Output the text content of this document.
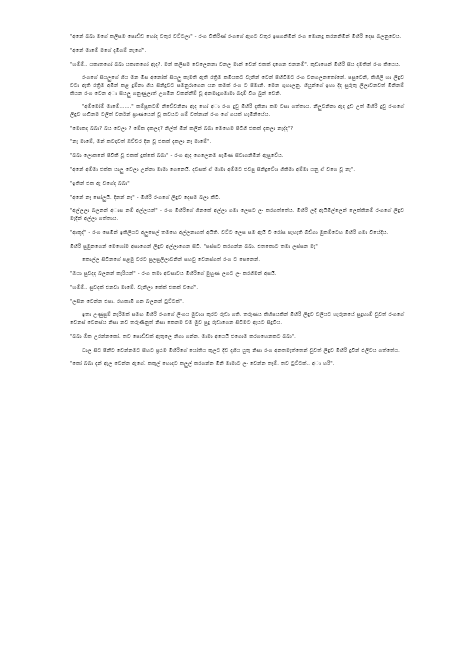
"අනේ බබා මගේ කලිසම පොඩ්ඩ හෝද වතුර වට්ටලා" - රංග විකිරිණ් රංගගේ ඇගට වතුර ඉසගනිමින් රංග මොනදු කරනනිමින් මිහිරි දෙස බලනුවෙය.

"අනේ මාමේ මගේ දැමිගම් නැගේ".

"හම්ම්.. යකාතගෝ බබා යකාතගෝ ඇද?. මන් කලිසම වෙලෙනනා වනල මාන් වෙන් එකක් දාගෙන එනනම්". කුඩාශෙන් මිහිරි සිය දමතින් රංග කියෙය.

රංගගේ සියලුගේ ගිය මන මිස අනෝක් සියලු කැමති ඇති රත්‍රිම කමියකට වැනින් වෙන් පිහිටිමට රංග වනගලනතෝනේ. පසුවෙනි, කිහිලි හා ලිඳුව වටා ඇති රත්‍රිම අමින් කළ දුම්නා ගිය සිනිදුවට සමනුරාගෙන යන කමක් රංග ට පිමානි. මෙන ගුහාලනු. ශියුන්ගේ ඉහා දිද සුරුතු ලිලාවනවත් මිනිනම් කියන රංග වෙන අා සියලු ගනුණුලාත් උගමින වකන්නීම් වූ අනමාදුගමාමා බදාම් විශ බුන් වෙනි.

"අම්මෝම් මාමේ......." කම්පූකටම් නිවේවනිනා ඇද හෝ අා රංග දුවු මිහිරි දැකිනා කම වසා ගත්තාය. නීලුවනිනා ඇද දුඩ උත් මිහිරි දුවු රංගගේ ලිඳුව හඬිනම ටලිත් වර්නන් ප්‍රාණයෙන් වූ කවයට ගම් වත්නාන් රංග ගේ ගයක් හැමිනියේය.

"මොකද බබා? බය වෙලා ? මේක දැකලද? නිල්ත් මින් කලින් බබා මෙහෙම පිටිගි එකක් දැකලා නැද්ද"?

"නැ මාමේ, මන් කවදාවත් ඔච්චර දින වූ එකක් දැකලා නෑ මාමේ".

"බබා ලොකනේ පිවිකී වූ එකක් දුක්කේ බබා" - රංග ඇද ගෙලෙනම පැමිණ සිවාගනිමින් ඇසුවේය.

"අනේ අම්මා එක්ක යාලු වෙලා උන්නා මාමා ගෙනෙයි. දවසක් ඒ මාමා අම්මට එවපු සිනිදූවේශ ගිකිමා අම්මා යනු ඒ වගෙ වූ නැ".

"ඉතින් එක ඇ වගේද බබා"

"අනේ නෑ සෝලුයි. දිනන් නෑ" - මිහිරි රංගගේ ලිඳුව දෙසම බලා කීටි.

"අල්ලලා බලනන් අාස නම් අල්ලයන්" - රංග මිහිරිගේ ගිනකේ අල්ලා ගමා ලෙසට ලං කරගත්තේය. මිහිරි ලදි ඇයිමිල්ලෙන් ලෙක්කිනම් රංගගේ ලිඳුව මැදින් අල්ලා ගත්තාය.

"ආකූද්" - රංග සෙමින් ඉකිලියට අලුපෙල් තමහෙ අල්ලනාගත් අයිති. වට්ට ලෙස සම ඇයි වී රෝස පැහැති බිඞ්ගා මුකම්ටෙහ මිහිරි ගමා වියේදීය.

මිහිරි සුමුනගෙන් මෙහෝම අසාගෙන් ලිඳුව අල්ලාගෙන සිටි. "පස්සට කරගන්න බබා. එතකොට තමා ලස්සන මැ"

කොල්ල සිටිනගේ පළමු වරට පුලසුලිලාවනින් සහවු වෙනස්ගත් රංග ට පෙනෙන්.

"ඔයා සුවදද බලනන් කැරියන්" - රංග තමා අවසාවය මිහිරිගේ මුහුණ ලගට ලං කරගිමන් අසයි.

"හම්ම්.. සුවදක් එනවා මාමේ. වැනිලා කේක් එකක් වගේ".

"ලසින වෙන්න එපා. රහකාමි ගන බලනන් ටුට්ටක්".

ඉතා උණුසුම් නැරිමක් සමඟ මිහිරි රංගගේ ලිංගය මුවාශ කුරට රුඩා ගති. තරුණය කිහිපයකින් මිහිරි ලිඳුව වලියට හැරුනයේ සුදුහාම් වුවත් රංගගේ වෙනස් වෙනස්ය නිසා නව තරුණිනුත් නිසා කෙනම වම මුව පුදු රුඩාගෙන සිටීමට ඇයට සිදුවිය.

"බබා ඕක උරන්නකෝ. තව පොඩ්ඩක් ඇතුලෙ නිගා ගන්න. මාමා අයෙයි එගොම කරගහෙනකට බබා".

ධාල සිට පීනීට වෙන්නමට සීහට ප්‍රථම මිහිරිගේ යෝතිය කුලට දිව දැගිය යුතු නිසා රංග අනතමැත්තෙන් වුවත් ලිඳුව මිහිරි දුවින් ඵලිවය ගත්තේය.

"කෝ බබා දැන් ඇල වෙන්න ඇගේ. කකුල් හොදට කලුල් කරගන්න මිනි මාමාට ලං වෙන්න තෑම්. තව ටුට්ටක්.. අා හරි".
